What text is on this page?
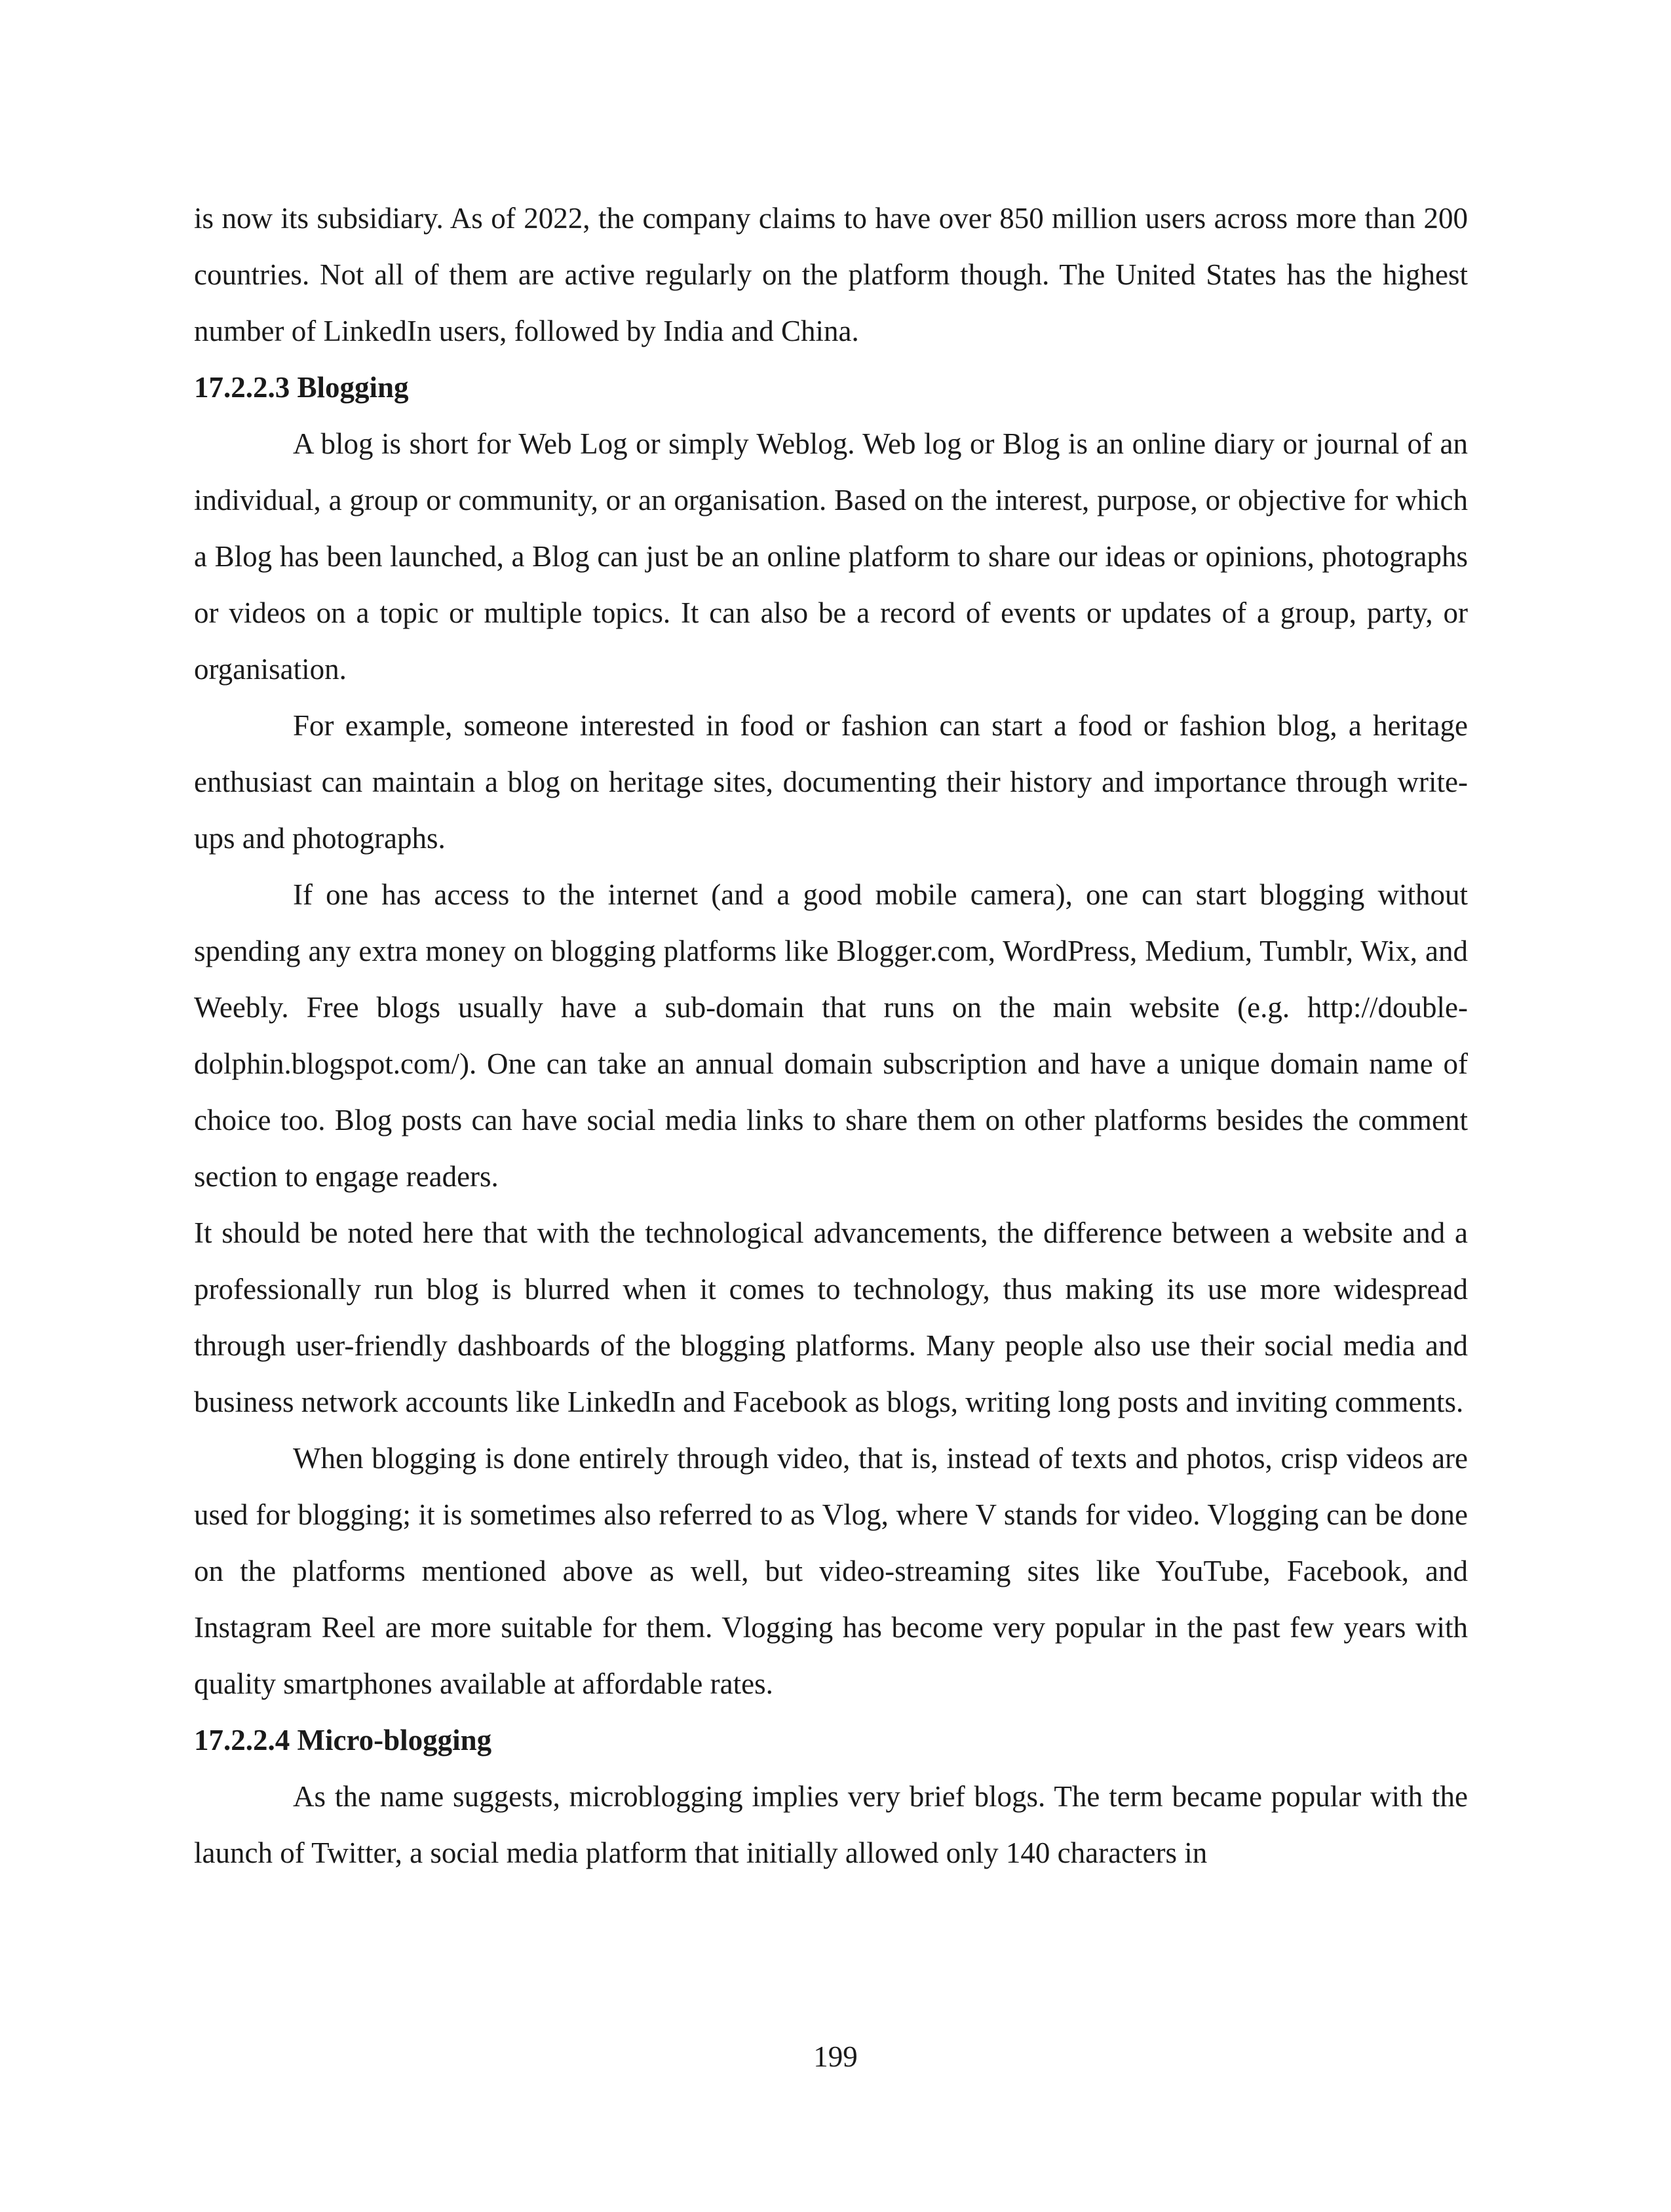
is now its subsidiary. As of 2022, the company claims to have over 850 million users across more than 200 countries. Not all of them are active regularly on the platform though. The United States has the highest number of LinkedIn users, followed by India and China.

17.2.2.3 Blogging

A blog is short for Web Log or simply Weblog. Web log or Blog is an online diary or journal of an individual, a group or community, or an organisation. Based on the interest, purpose, or objective for which a Blog has been launched, a Blog can just be an online platform to share our ideas or opinions, photographs or videos on a topic or multiple topics. It can also be a record of events or updates of a group, party, or organisation.

For example, someone interested in food or fashion can start a food or fashion blog, a heritage enthusiast can maintain a blog on heritage sites, documenting their history and importance through write-ups and photographs.

If one has access to the internet (and a good mobile camera), one can start blogging without spending any extra money on blogging platforms like Blogger.com, WordPress, Medium, Tumblr, Wix, and Weebly. Free blogs usually have a sub-domain that runs on the main website (e.g. http://double-dolphin.blogspot.com/). One can take an annual domain subscription and have a unique domain name of choice too. Blog posts can have social media links to share them on other platforms besides the comment section to engage readers.

It should be noted here that with the technological advancements, the difference between a website and a professionally run blog is blurred when it comes to technology, thus making its use more widespread through user-friendly dashboards of the blogging platforms. Many people also use their social media and business network accounts like LinkedIn and Facebook as blogs, writing long posts and inviting comments.

When blogging is done entirely through video, that is, instead of texts and photos, crisp videos are used for blogging; it is sometimes also referred to as Vlog, where V stands for video. Vlogging can be done on the platforms mentioned above as well, but video-streaming sites like YouTube, Facebook, and Instagram Reel are more suitable for them. Vlogging has become very popular in the past few years with quality smartphones available at affordable rates.

17.2.2.4 Micro-blogging

As the name suggests, microblogging implies very brief blogs. The term became popular with the launch of Twitter, a social media platform that initially allowed only 140 characters in

199
